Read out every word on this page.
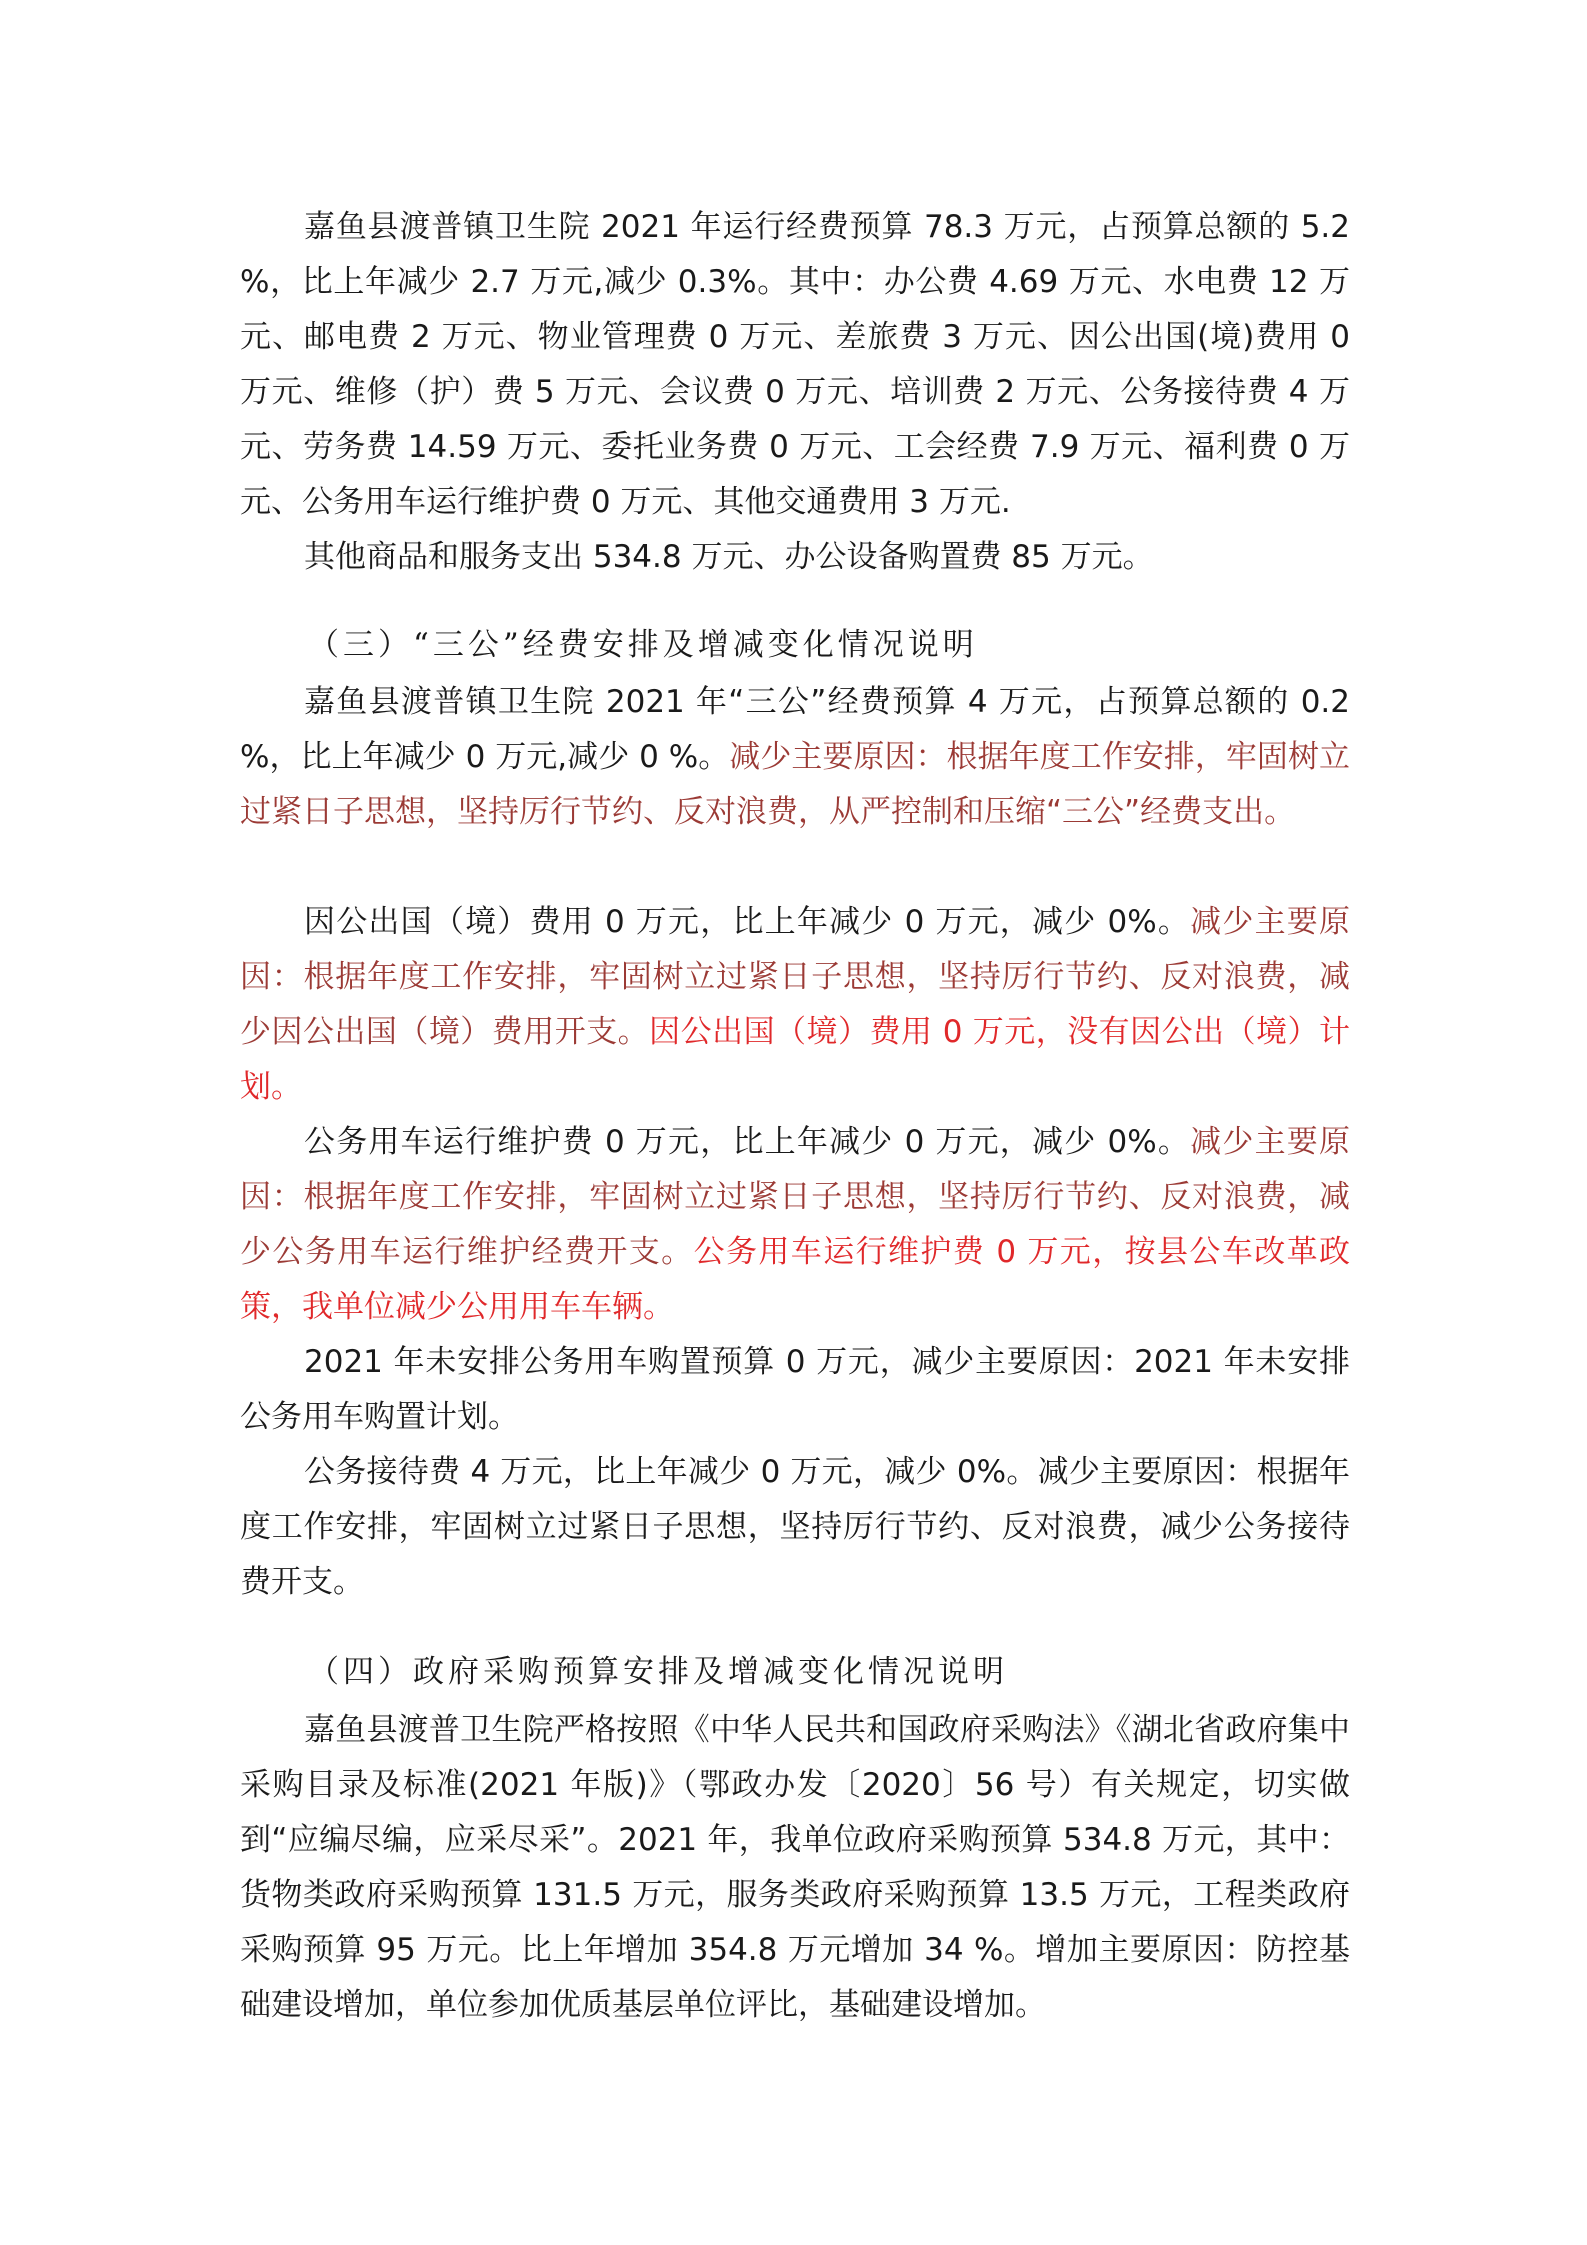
嘉鱼县渡普镇卫生院 2021 年运行经费预算 78.3 万元，占预算总额的 5.2 %，比上年减少 2.7 万元,减少 0.3%。其中：办公费 4.69 万元、水电费 12 万元、邮电费 2 万元、物业管理费 0 万元、差旅费 3 万元、因公出国(境)费用 0 万元、维修（护）费 5 万元、会议费 0 万元、培训费 2 万元、公务接待费 4 万元、劳务费 14.59 万元、委托业务费 0 万元、工会经费 7.9 万元、福利费 0 万元、公务用车运行维护费 0 万元、其他交通费用 3 万元.

其他商品和服务支出 534.8 万元、办公设备购置费 85 万元。

（三）“三公”经费安排及增减变化情况说明

嘉鱼县渡普镇卫生院 2021 年“三公”经费预算 4 万元，占预算总额的 0.2 %，比上年减少 0 万元,减少 0 %。减少主要原因：根据年度工作安排，牢固树立过紧日子思想，坚持厉行节约、反对浪费，从严控制和压缩“三公”经费支出。

因公出国（境）费用 0 万元，比上年减少 0 万元，减少 0%。减少主要原因：根据年度工作安排，牢固树立过紧日子思想，坚持厉行节约、反对浪费，减少因公出国（境）费用开支。因公出国（境）费用 0 万元，没有因公出（境）计划。

公务用车运行维护费 0 万元，比上年减少 0 万元，减少 0%。减少主要原因：根据年度工作安排，牢固树立过紧日子思想，坚持厉行节约、反对浪费，减少公务用车运行维护经费开支。公务用车运行维护费 0 万元，按县公车改革政策，我单位减少公用用车车辆。

2021 年未安排公务用车购置预算 0 万元，减少主要原因：2021 年未安排公务用车购置计划。

公务接待费 4 万元，比上年减少 0 万元，减少 0%。减少主要原因：根据年度工作安排，牢固树立过紧日子思想，坚持厉行节约、反对浪费，减少公务接待费开支。

（四）政府采购预算安排及增减变化情况说明

嘉鱼县渡普卫生院严格按照《中华人民共和国政府采购法》《湖北省政府集中采购目录及标准(2021 年版)》（鄂政办发〔2020〕56 号）有关规定，切实做到“应编尽编，应采尽采”。2021 年，我单位政府采购预算 534.8 万元，其中：货物类政府采购预算 131.5 万元，服务类政府采购预算 13.5 万元，工程类政府采购预算 95 万元。比上年增加 354.8 万元增加 34 %。增加主要原因：防控基础建设增加，单位参加优质基层单位评比，基础建设增加。
